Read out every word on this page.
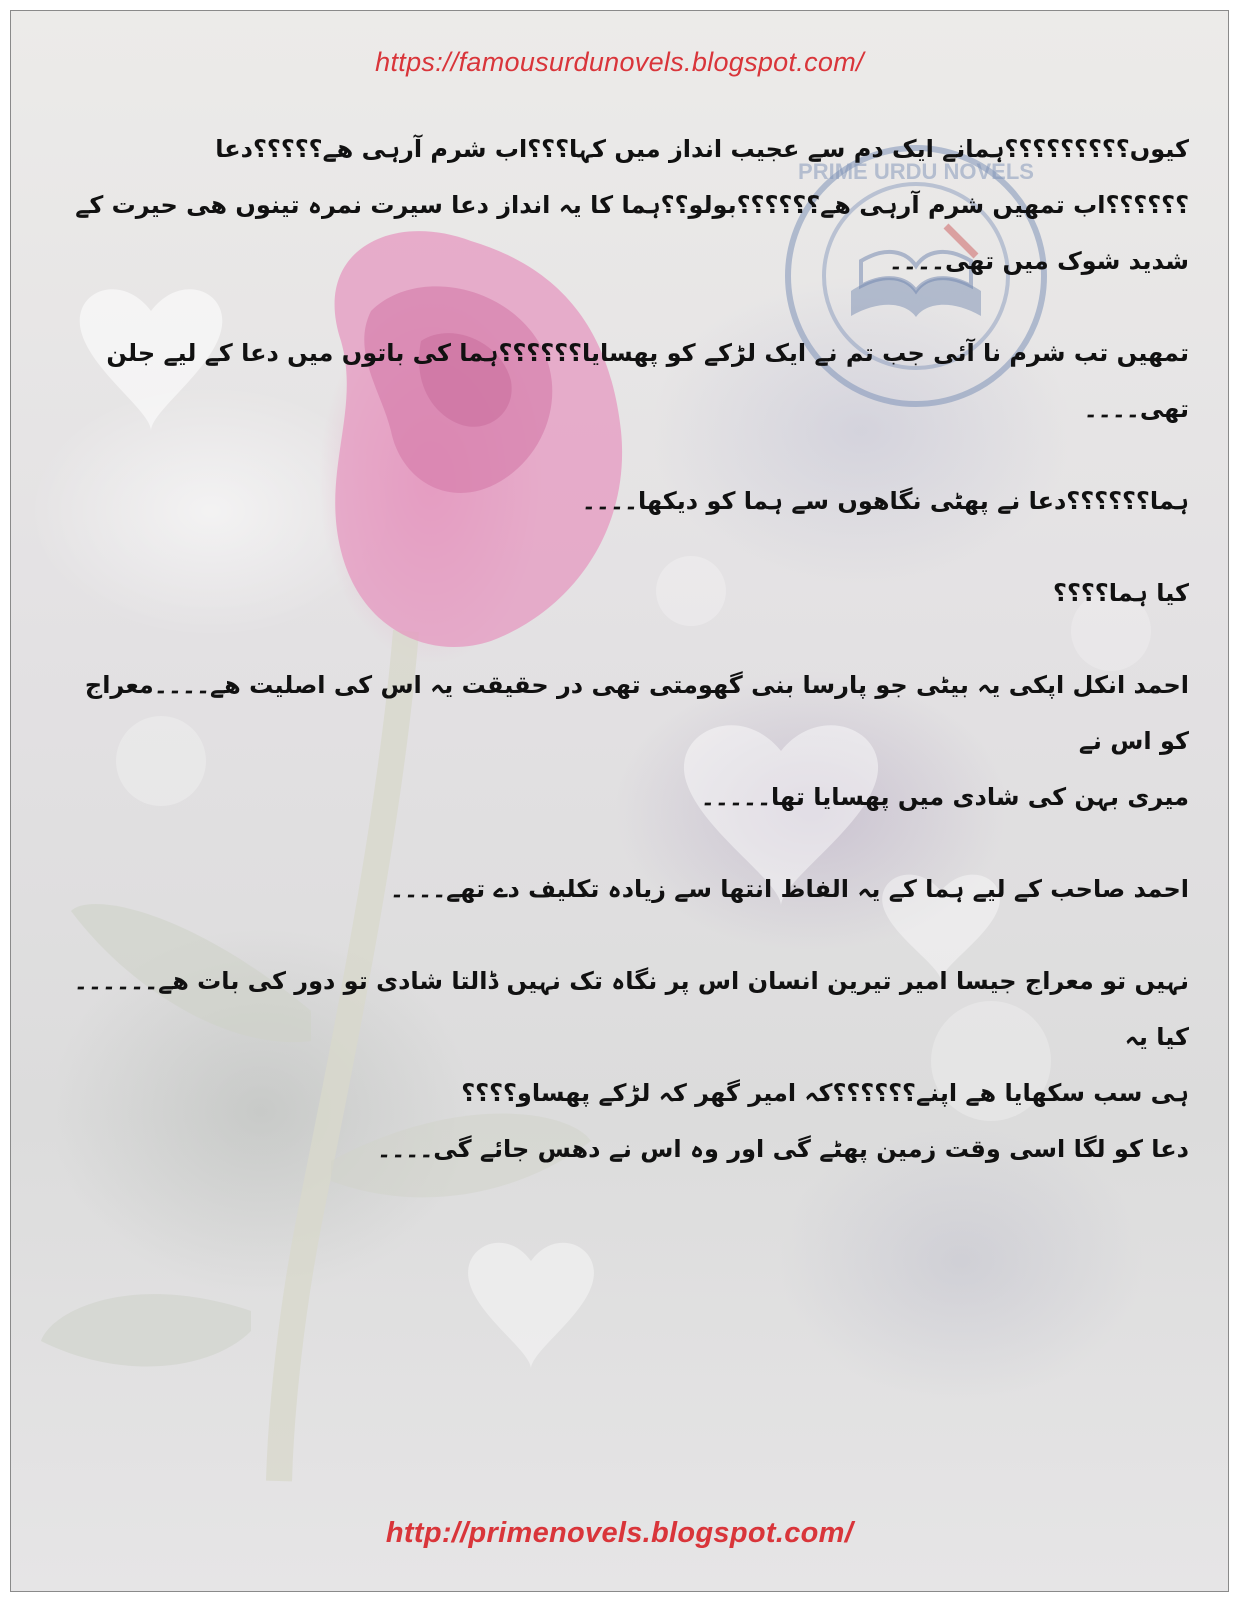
PRIME URDU NOVELS
https://famousurdunovels.blogspot.com/

کیوں؟؟؟؟؟؟؟؟؟ہمانے ایک دم سے عجیب انداز میں کہا؟؟؟اب شرم آرہی ھے؟؟؟؟؟دعا
؟؟؟؟؟؟اب تمھیں شرم آرہی ھے؟؟؟؟؟؟بولو؟؟ہما کا یہ انداز دعا سیرت نمرہ تینوں ھی حیرت کے
شدید شوک میں تھی۔۔۔۔

تمھیں تب شرم نا آئی جب تم نے ایک لڑکے کو پھسایا؟؟؟؟؟؟ہما کی باتوں میں دعا کے لیے جلن
تھی۔۔۔۔

ہما؟؟؟؟؟؟دعا نے پھٹی نگاھوں سے ہما کو دیکھا۔۔۔۔

کیا ہما؟؟؟؟

احمد انکل اپکی یہ بیٹی جو پارسا بنی گھومتی تھی در حقیقت یہ اس کی اصلیت ھے۔۔۔۔معراج کو اس نے
میری بہن کی شادی میں پھسایا تھا۔۔۔۔۔

احمد صاحب کے لیے ہما کے یہ الفاظ انتھا سے زیادہ تکلیف دے تھے۔۔۔۔

نہیں تو معراج جیسا امیر تیرین انسان اس پر نگاہ تک نہیں ڈالتا شادی تو دور کی بات ھے۔۔۔۔۔۔کیا یہ
ہی سب سکھایا ھے اپنے؟؟؟؟؟؟کہ امیر گھر کہ لڑکے پھساو؟؟؟؟

دعا کو لگا اسی وقت زمین پھٹے گی اور وہ اس نے دھس جائے گی۔۔۔۔

http://primenovels.blogspot.com/
